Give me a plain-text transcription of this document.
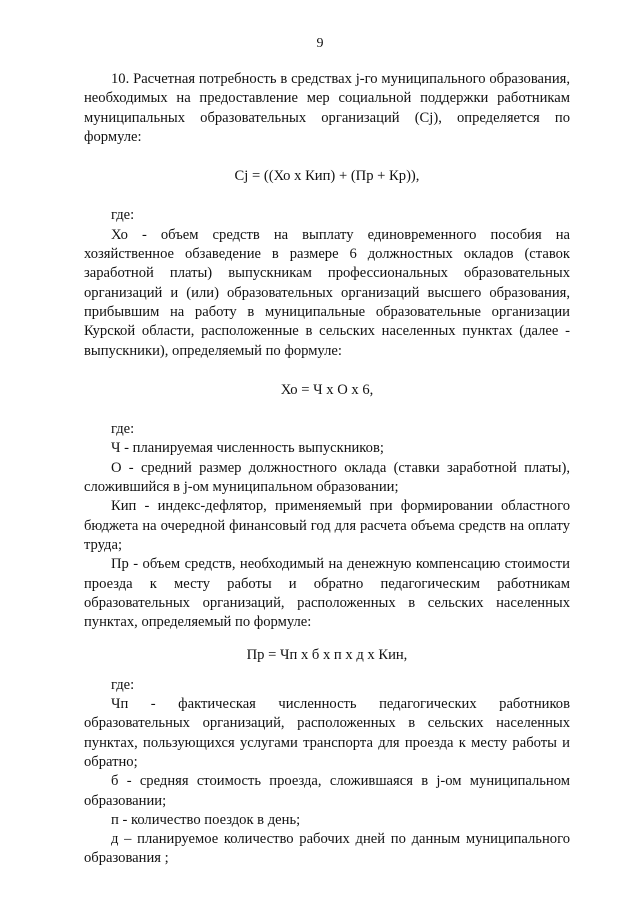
9

10. Расчетная потребность в средствах j-го муниципального образования, необходимых на предоставление мер социальной поддержки работникам муниципальных образовательных организаций (Cj), определяется по формуле:

Cj = ((Хо х Кип) + (Пр + Кр)),

где:

Хо - объем средств на выплату единовременного пособия на хозяйственное обзаведение в размере 6 должностных окладов (ставок заработной платы) выпускникам профессиональных образовательных организаций и (или) образовательных организаций высшего образования, прибывшим на работу в муниципальные образовательные организации Курской области, расположенные в сельских населенных пунктах (далее - выпускники), определяемый по формуле:

Хо = Ч х О х 6,

где:

Ч - планируемая численность выпускников;

О - средний размер должностного оклада (ставки заработной платы), сложившийся в j-ом муниципальном образовании;

Кип - индекс-дефлятор, применяемый при формировании областного бюджета на очередной финансовый год для расчета объема средств на оплату труда;

Пр - объем средств, необходимый на денежную компенсацию стоимости проезда к месту работы и обратно педагогическим работникам образовательных организаций, расположенных в сельских населенных пунктах, определяемый по формуле:

Пр = Чп х б х п х д х Кин,

где:

Чп - фактическая численность педагогических работников образовательных организаций, расположенных в сельских населенных пунктах, пользующихся услугами транспорта для проезда к месту работы и обратно;

б - средняя стоимость проезда, сложившаяся в j-ом муниципальном образовании;

п - количество поездок в день;

д – планируемое количество рабочих дней по данным муниципального образования ;
